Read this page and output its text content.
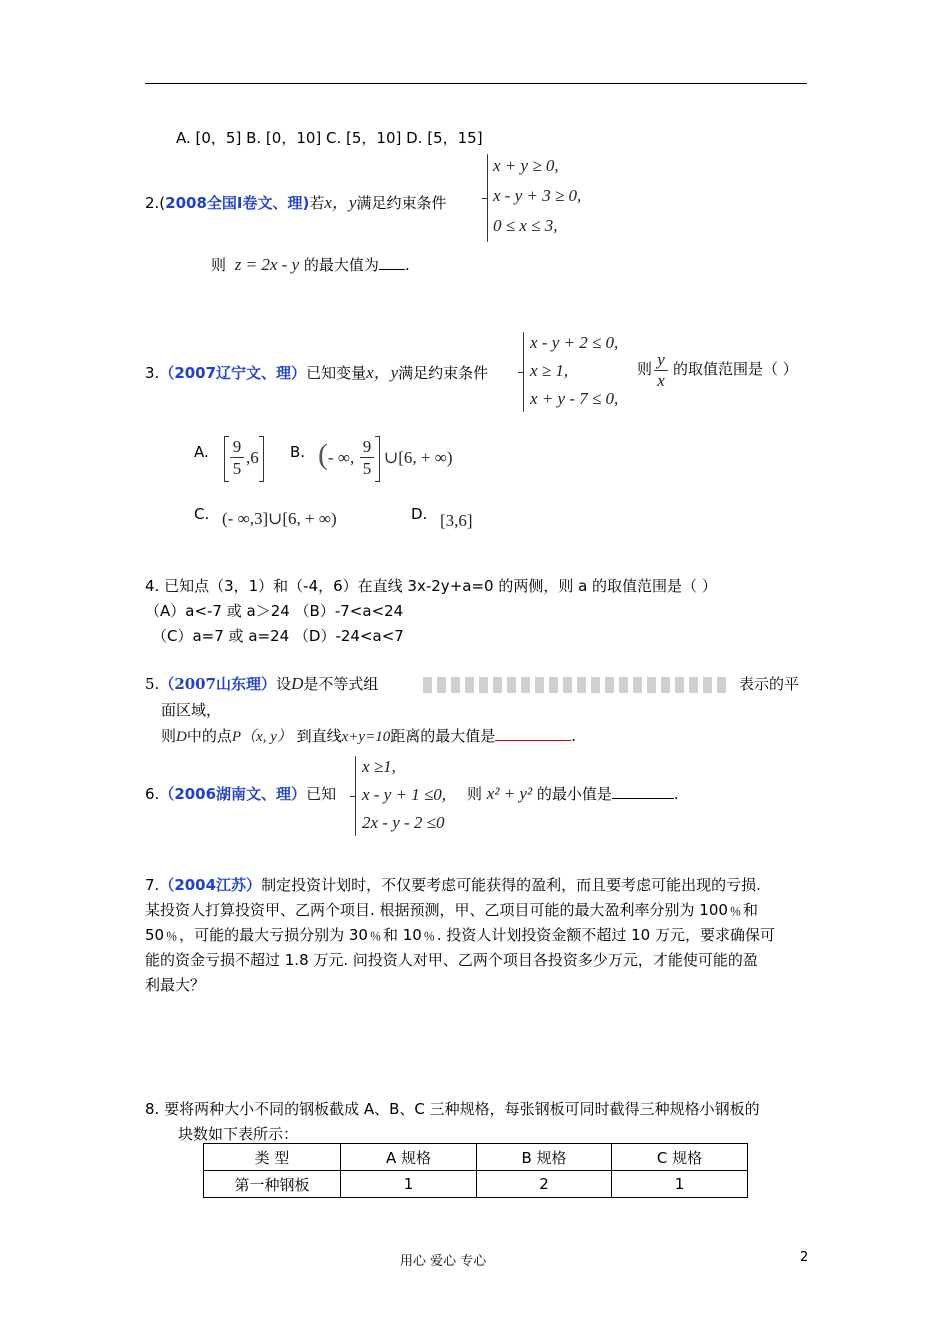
A. [0，5] B. [0，10] C. [5，10] D. [5，15]
2.(2008全国Ⅰ卷文、理)若x，y满足约束条件
x + y ≥ 0,
x - y + 3 ≥ 0,
0 ≤ x ≤ 3,
则 z = 2x - y 的最大值为 .
3.（2007辽宁文、理）已知变量x，y满足约束条件
x - y + 2 ≤ 0,
x ≥ 1,
x + y - 7 ≤ 0,
则 $\frac{y}{x}$ 的取值范围是（ ）
A. $\frac{9}{5} ,6$ B. ( - ∞, $\frac{9}{5}$ ∪[6, + ∞)
C. (- ∞,3]∪[6, + ∞)	D. [3,6]
4. 已知点（3，1）和（-4，6）在直线 3x-2y+a=0 的两侧，则 a 的取值范围是（ ）
（A）a<-7 或 a＞24 （B）-7<a<24
（C）a=7 或 a=24 （D）-24<a<7
5.（2007山东理）设D是不等式组	表示的平
面区域，
则D中的点P（x, y） 到直线x+y=10距离的最大值是	.
6.（2006湖南文、理）已知
x ≥1,
x - y + 1 ≤0,
2x - y - 2 ≤0
则 x² + y² 的最小值是	.
7.（2004江苏）制定投资计划时，不仅要考虑可能获得的盈利，而且要考虑可能出现的亏损.
某投资人打算投资甲、乙两个项目. 根据预测，甲、乙项目可能的最大盈利率分别为 100﹪和
50﹪，可能的最大亏损分别为 30﹪和 10﹪. 投资人计划投资金额不超过 10 万元，要求确保可
能的资金亏损不超过 1.8 万元. 问投资人对甲、乙两个项目各投资多少万元，才能使可能的盈
利最大？
8. 要将两种大小不同的钢板截成 A、B、C 三种规格，每张钢板可同时截得三种规格小钢板的
块数如下表所示：
类 型	A 规格	B 规格	C 规格
第一种钢板	1	2	1
用心 爱心 专心	2
